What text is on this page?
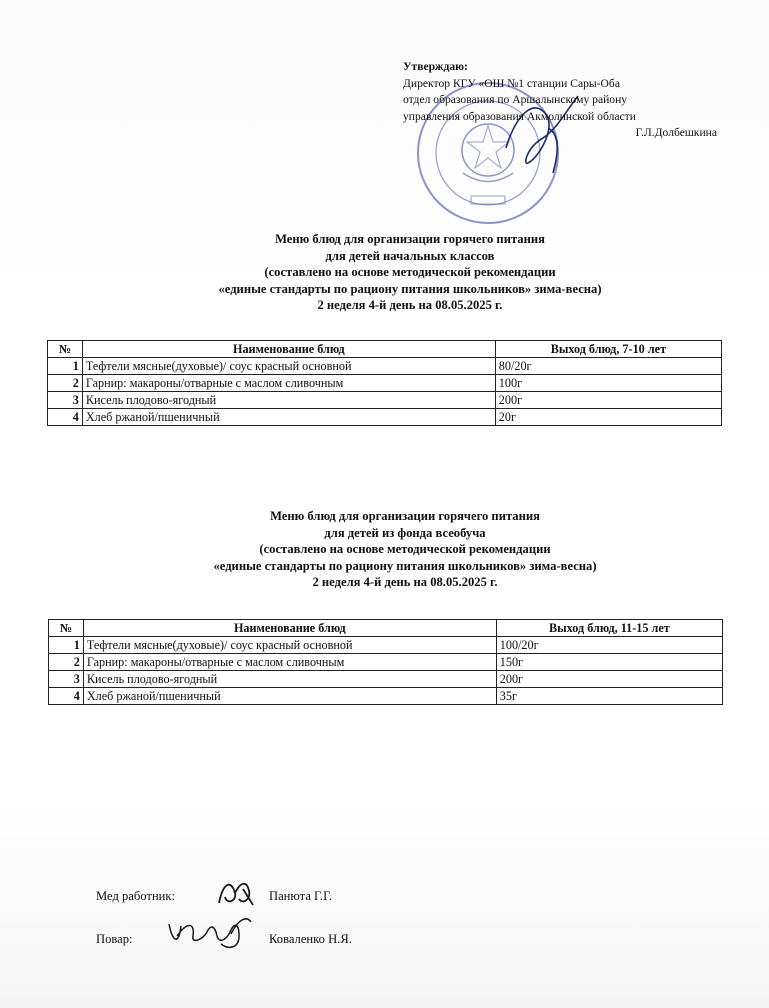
Утверждаю:
Директор КГУ «ОШ №1 станции Сары-Оба
отдел образования по Аршалынскому району
управления образования Акмолинской области
Г.Л.Долбешкина
Меню блюд для организации горячего питания
для детей начальных классов
(составлено на основе методической рекомендации
«единые стандарты по рациону питания школьников» зима-весна)
2 неделя 4-й день на 08.05.2025 г.
№	Наименование блюд	Выход блюд, 7-10 лет
1	Тефтели мясные(духовые)/ соус красный основной	80/20г
2	Гарнир: макароны/отварные с маслом сливочным	100г
3	Кисель плодово-ягодный	200г
4	Хлеб ржаной/пшеничный	20г
Меню блюд для организации горячего питания
для детей из фонда всеобуча
(составлено на основе методической рекомендации
«единые стандарты по рациону питания школьников» зима-весна)
2 неделя 4-й день на 08.05.2025 г.
№	Наименование блюд	Выход блюд, 11-15 лет
1	Тефтели мясные(духовые)/ соус красный основной	100/20г
2	Гарнир: макароны/отварные с маслом сливочным	150г
3	Кисель плодово-ягодный	200г
4	Хлеб ржаной/пшеничный	35г
Мед работник:	Панюта Г.Г.
Повар:	Коваленко Н.Я.
